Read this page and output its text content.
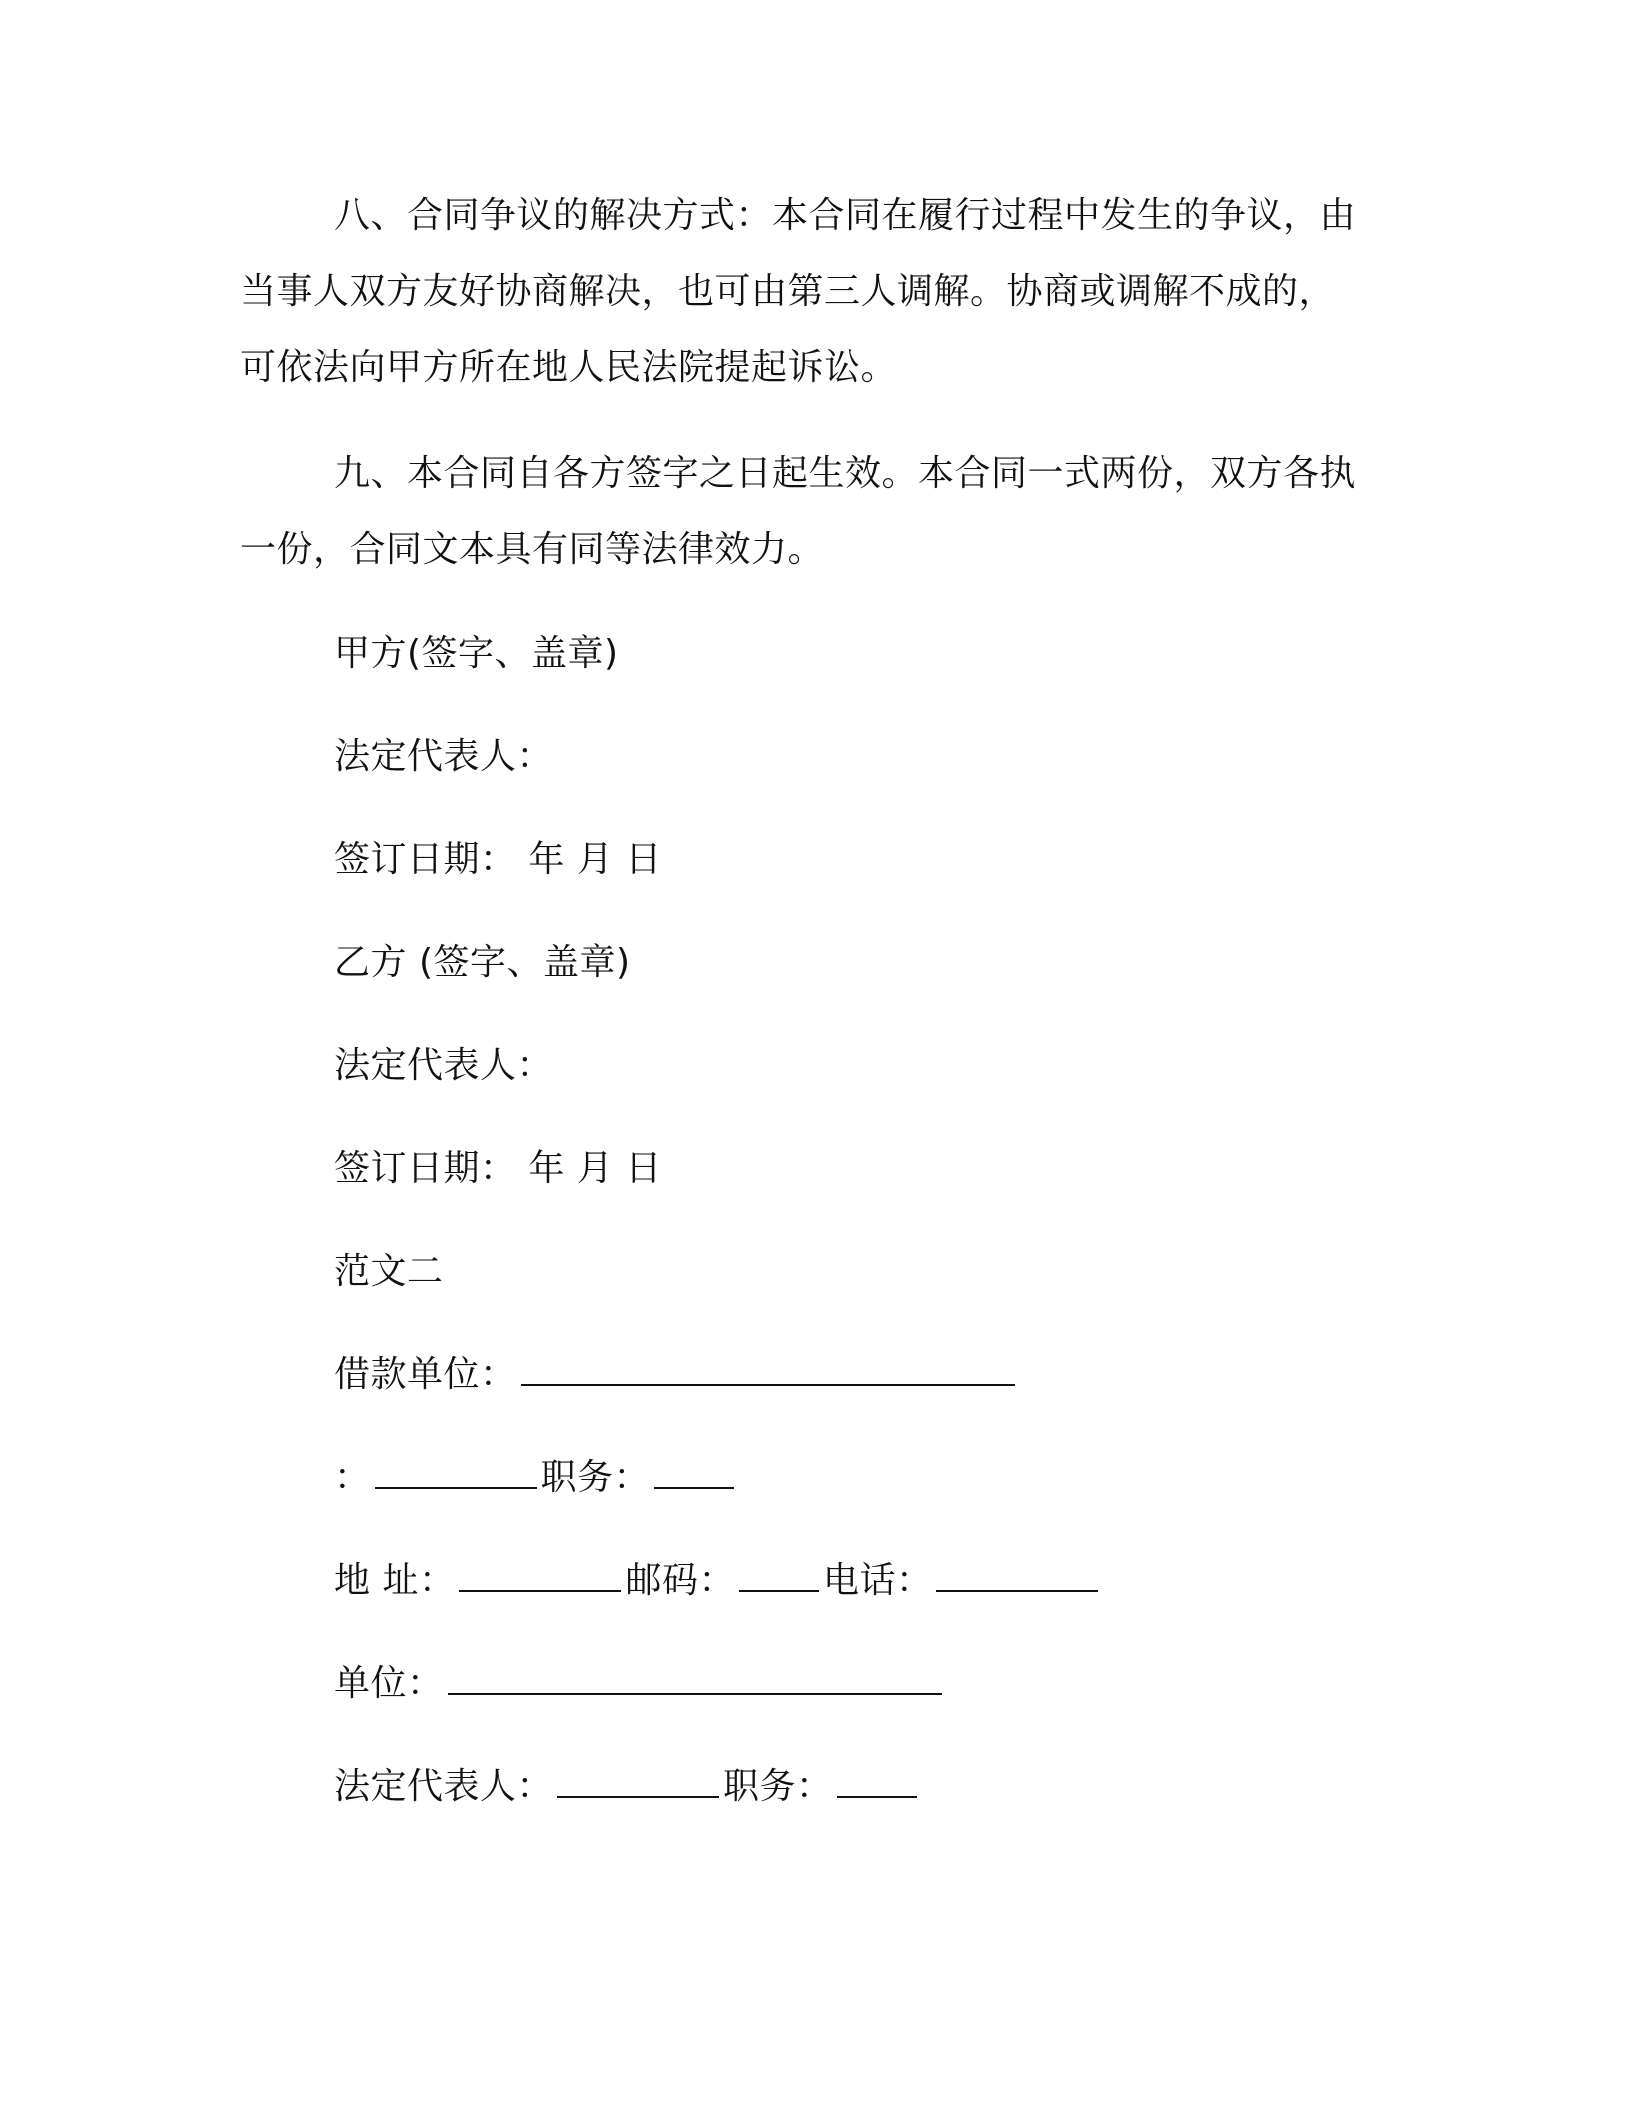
八、合同争议的解决方式：本合同在履行过程中发生的争议，由
当事人双方友好协商解决，也可由第三人调解。协商或调解不成的，
可依法向甲方所在地人民法院提起诉讼。
九、本合同自各方签字之日起生效。本合同一式两份，双方各执
一份，合同文本具有同等法律效力。
甲方(签字、盖章)
法定代表人：
签订日期： 年 月 日
乙方 (签字、盖章)
法定代表人：
签订日期： 年 月 日
范文二
借款单位：
：	职务：
地 址：	邮码： 电话：
单位：
法定代表人：	职务：
